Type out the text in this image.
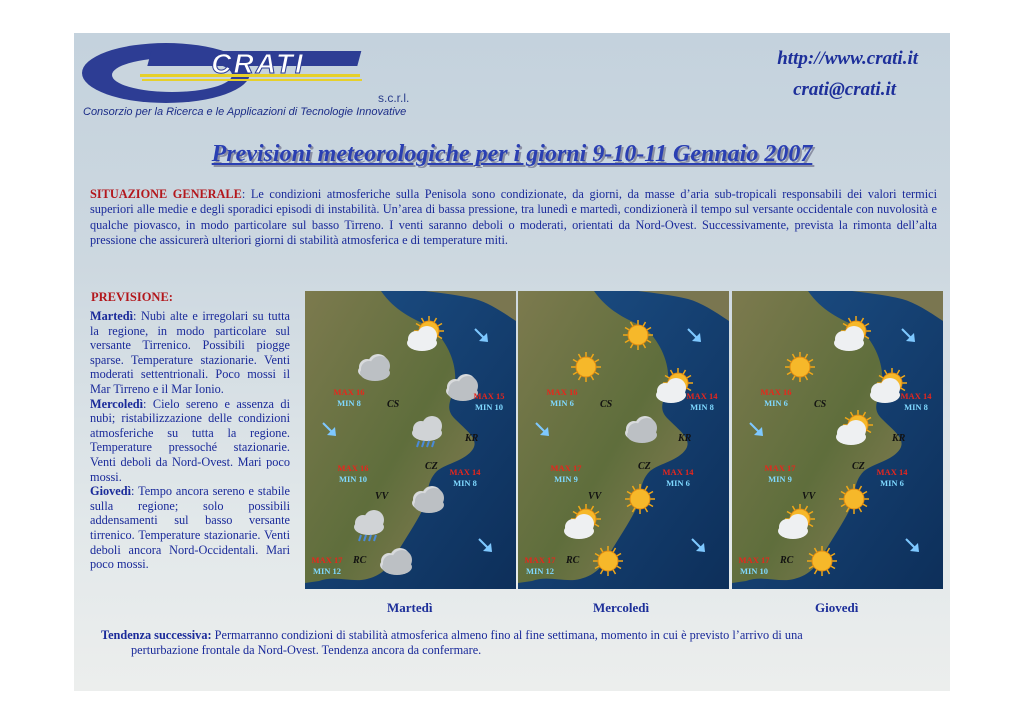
CRATI
s.c.r.l.
Consorzio per la Ricerca e le Applicazioni di Tecnologie Innovative
http://www.crati.it
crati@crati.it
Previsioni meteorologiche per i giorni 9-10-11 Gennaio 2007
SITUAZIONE GENERALE: Le condizioni atmosferiche sulla Penisola sono condizionate, da giorni, da masse d’aria sub-tropicali responsabili dei valori termici superiori alle medie e degli sporadici episodi di instabilità. Un’area di bassa pressione, tra lunedì e martedì, condizionerà il tempo sul versante occidentale con nuvolosità e qualche piovasco, in modo particolare sul basso Tirreno. I venti saranno deboli o moderati, orientati da Nord-Ovest. Successivamente, prevista la rimonta dell’alta pressione che assicurerà ulteriori giorni di stabilità atmosferica e di temperature miti.
PREVISIONE:

Martedì: Nubi alte e irregolari su tutta la regione, in modo particolare sul versante Tirrenico. Possibili piogge sparse. Temperature stazionarie. Venti moderati settentrionali. Poco mossi il Mar Tirreno e il Mar Ionio.

Mercoledì: Cielo sereno e assenza di nubi; ristabilizzazione delle condizioni atmosferiche su tutta la regione. Temperature pressoché stazionarie. Venti deboli da Nord-Ovest. Mari poco mossi.

Giovedì: Tempo ancora sereno e stabile sulla regione; solo possibili addensamenti sul basso versante tirrenico. Temperature stazionarie. Venti deboli ancora Nord-Occidentali. Mari poco mossi.

CS
KR
CZ
VV
RC
MAX 16
MIN 8
MAX 15
MIN 10
MAX 16
MIN 10
MAX 14
MIN 8
MAX 17
MIN 12
CS
KR
CZ
VV
RC
MAX 16
MIN 6
MAX 14
MIN 8
MAX 17
MIN 9
MAX 14
MIN 6
MAX 17
MIN 12
CS
KR
CZ
VV
RC
MAX 16
MIN 6
MAX 14
MIN 8
MAX 17
MIN 9
MAX 14
MIN 6
MAX 17
MIN 10
Martedì	Mercoledì	Giovedì
Tendenza successiva: Permarranno condizioni di stabilità atmosferica almeno fino al fine settimana, momento in cui è previsto l’arrivo di una
perturbazione frontale da Nord-Ovest. Tendenza ancora da confermare.
